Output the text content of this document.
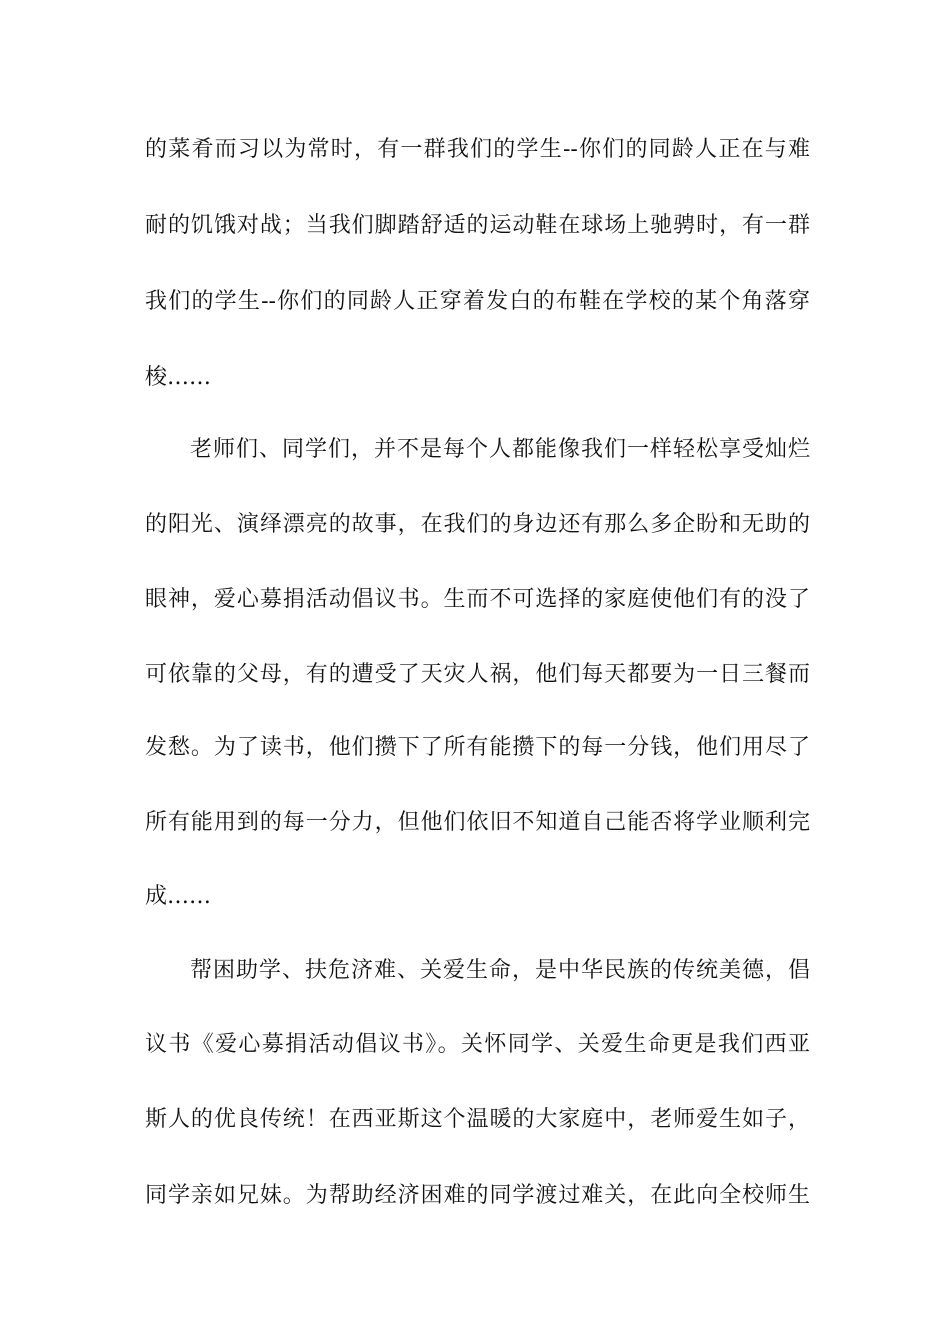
的菜肴而习以为常时，有一群我们的学生--你们的同龄人正在与难
耐的饥饿对战；当我们脚踏舒适的运动鞋在球场上驰骋时，有一群
我们的学生--你们的同龄人正穿着发白的布鞋在学校的某个角落穿
梭……
老师们、同学们，并不是每个人都能像我们一样轻松享受灿烂
的阳光、演绎漂亮的故事，在我们的身边还有那么多企盼和无助的
眼神，爱心募捐活动倡议书。生而不可选择的家庭使他们有的没了
可依靠的父母，有的遭受了天灾人祸，他们每天都要为一日三餐而
发愁。为了读书，他们攒下了所有能攒下的每一分钱，他们用尽了
所有能用到的每一分力，但他们依旧不知道自己能否将学业顺利完
成……
帮困助学、扶危济难、关爱生命，是中华民族的传统美德，倡
议书《爱心募捐活动倡议书》。关怀同学、关爱生命更是我们西亚
斯人的优良传统！在西亚斯这个温暖的大家庭中，老师爱生如子，
同学亲如兄妹。为帮助经济困难的同学渡过难关，在此向全校师生
